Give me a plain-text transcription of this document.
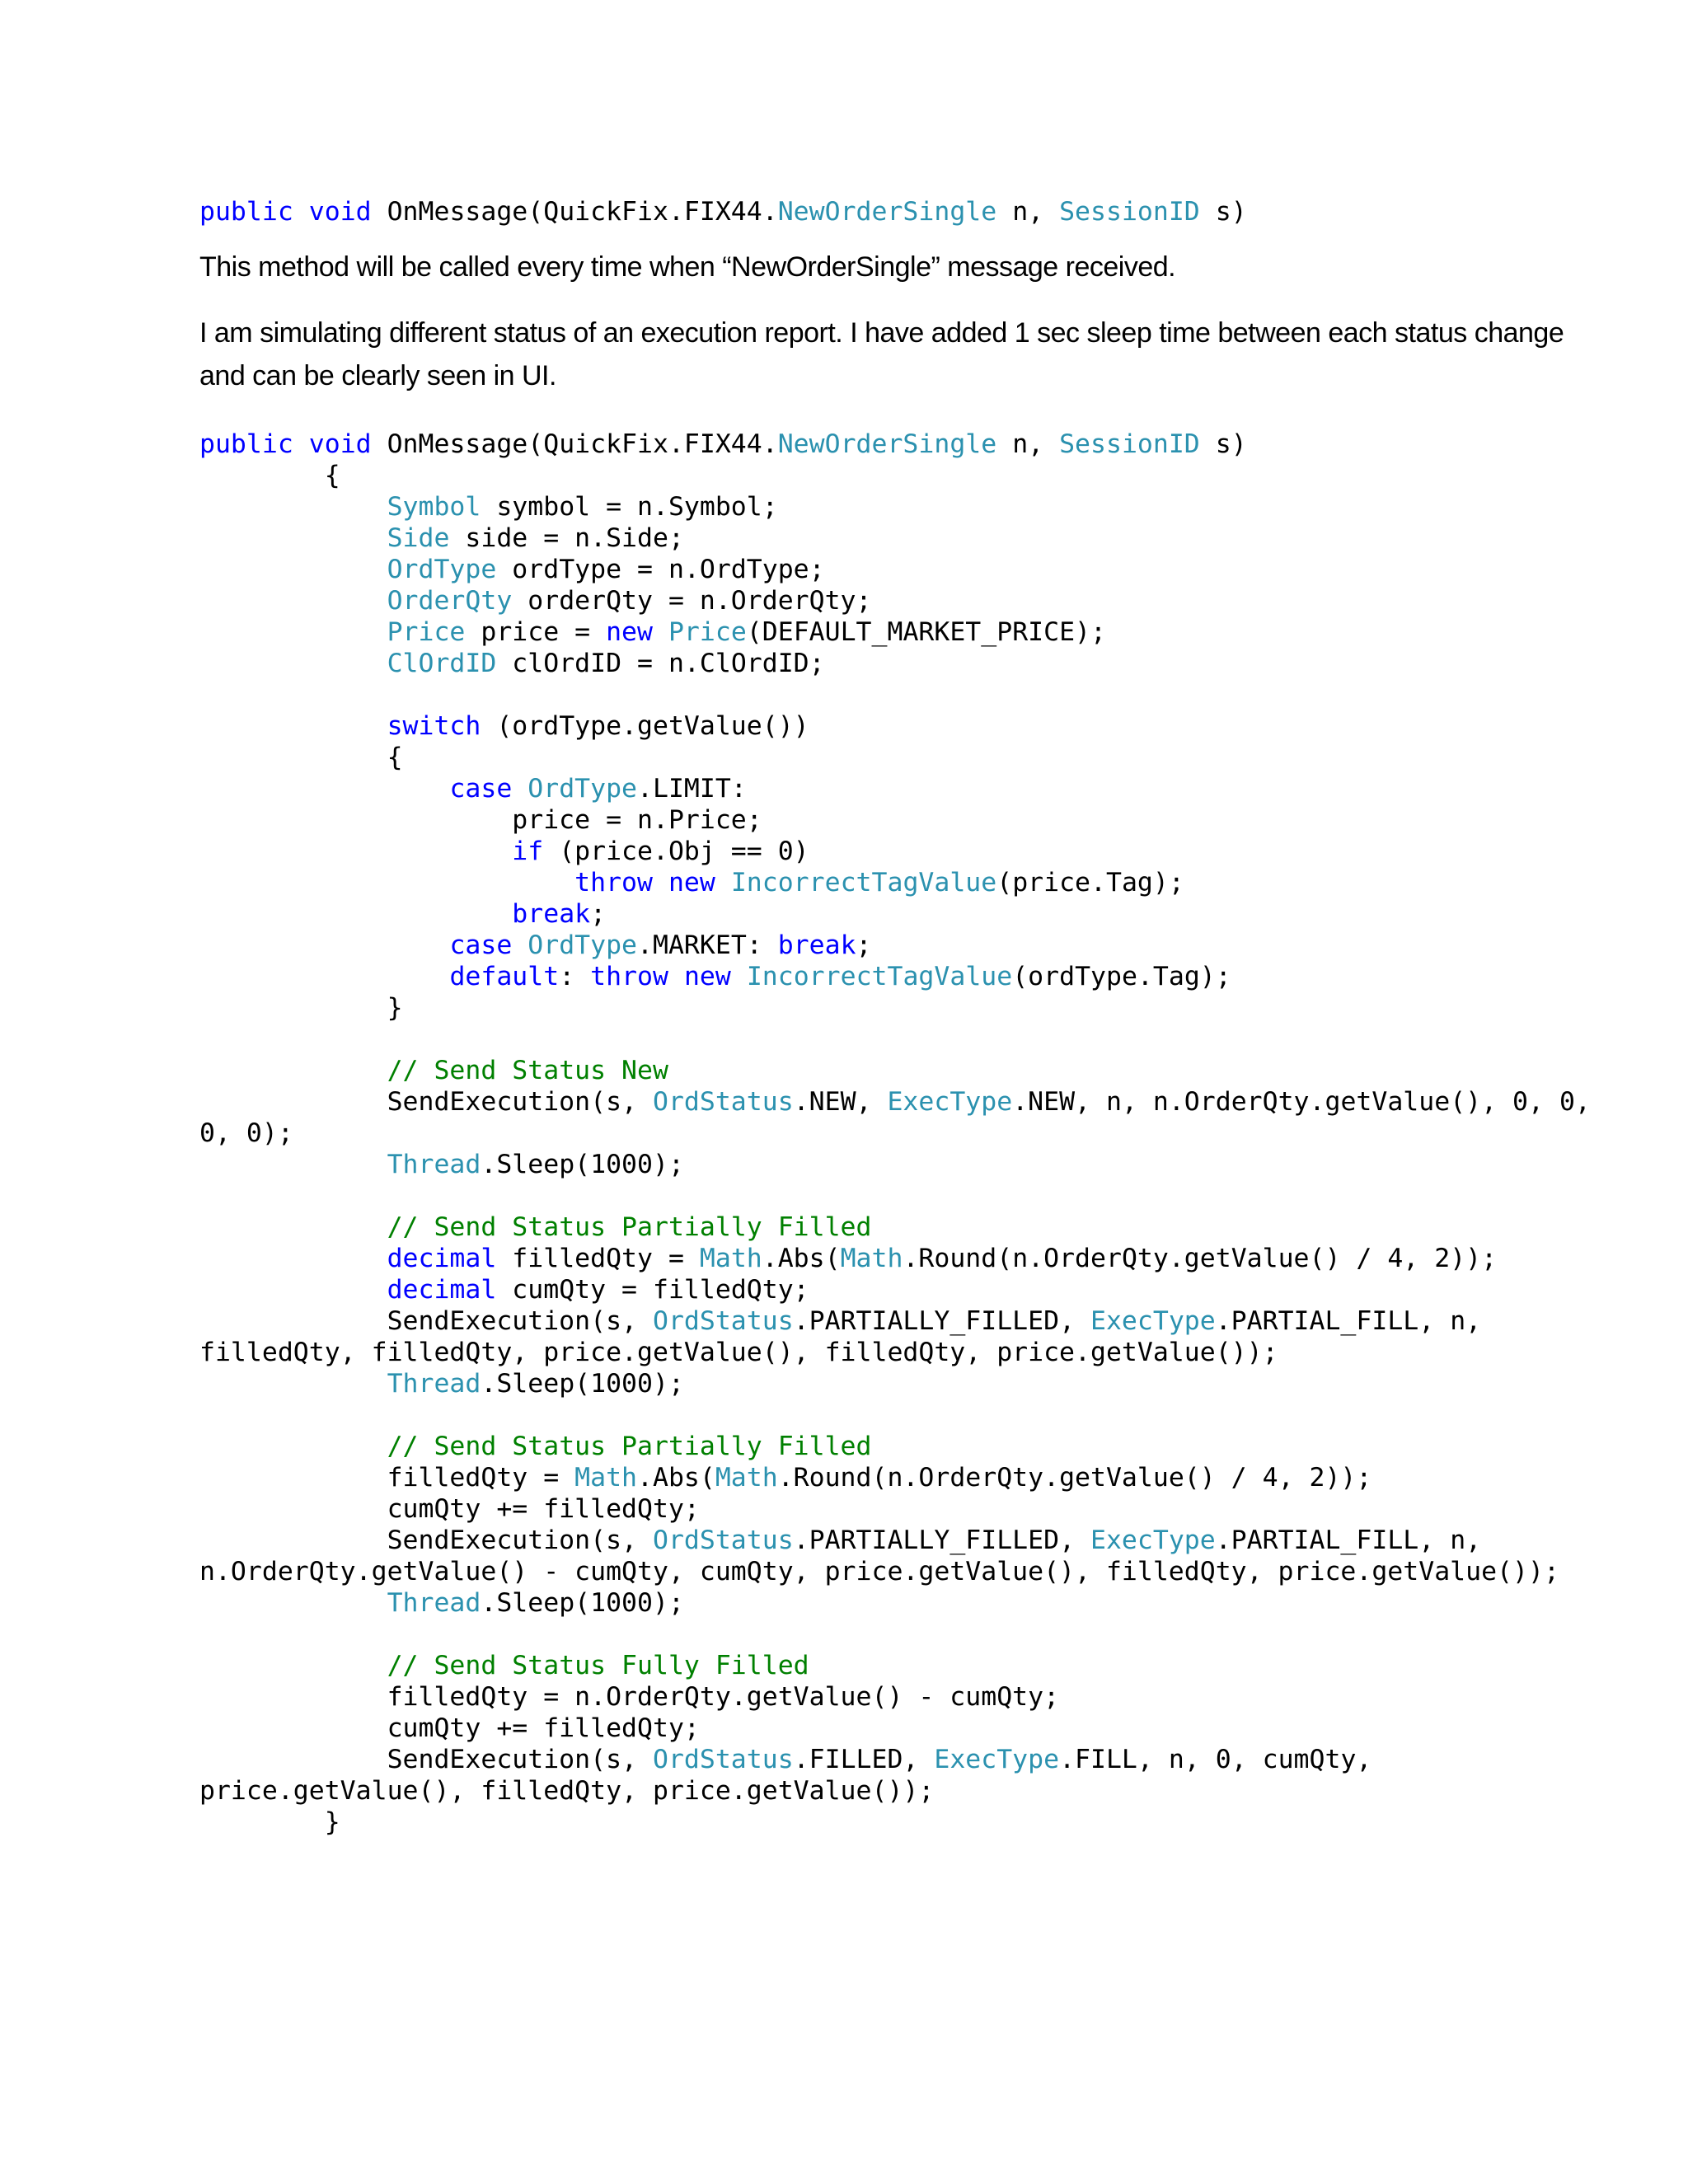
public void OnMessage(QuickFix.FIX44.NewOrderSingle n, SessionID s)

This method will be called every time when “NewOrderSingle” message received.

I am simulating different status of an execution report. I have added 1 sec sleep time between each status change and can be clearly seen in UI.

public void OnMessage(QuickFix.FIX44.NewOrderSingle n, SessionID s)
{
Symbol symbol = n.Symbol;
Side side = n.Side;
OrdType ordType = n.OrdType;
OrderQty orderQty = n.OrderQty;
Price price = new Price(DEFAULT_MARKET_PRICE);
ClOrdID clOrdID = n.ClOrdID;
switch (ordType.getValue())
{
case OrdType.LIMIT:
price = n.Price;
if (price.Obj == 0)
throw new IncorrectTagValue(price.Tag);
break;
case OrdType.MARKET: break;
default: throw new IncorrectTagValue(ordType.Tag);
}
// Send Status New
SendExecution(s, OrdStatus.NEW, ExecType.NEW, n, n.OrderQty.getValue(), 0, 0,
0, 0);
Thread.Sleep(1000);
// Send Status Partially Filled
decimal filledQty = Math.Abs(Math.Round(n.OrderQty.getValue() / 4, 2));
decimal cumQty = filledQty;
SendExecution(s, OrdStatus.PARTIALLY_FILLED, ExecType.PARTIAL_FILL, n,
filledQty, filledQty, price.getValue(), filledQty, price.getValue());
Thread.Sleep(1000);
// Send Status Partially Filled
filledQty = Math.Abs(Math.Round(n.OrderQty.getValue() / 4, 2));
cumQty += filledQty;
SendExecution(s, OrdStatus.PARTIALLY_FILLED, ExecType.PARTIAL_FILL, n,
n.OrderQty.getValue() - cumQty, cumQty, price.getValue(), filledQty, price.getValue());
Thread.Sleep(1000);
// Send Status Fully Filled
filledQty = n.OrderQty.getValue() - cumQty;
cumQty += filledQty;
SendExecution(s, OrdStatus.FILLED, ExecType.FILL, n, 0, cumQty,
price.getValue(), filledQty, price.getValue());
}
